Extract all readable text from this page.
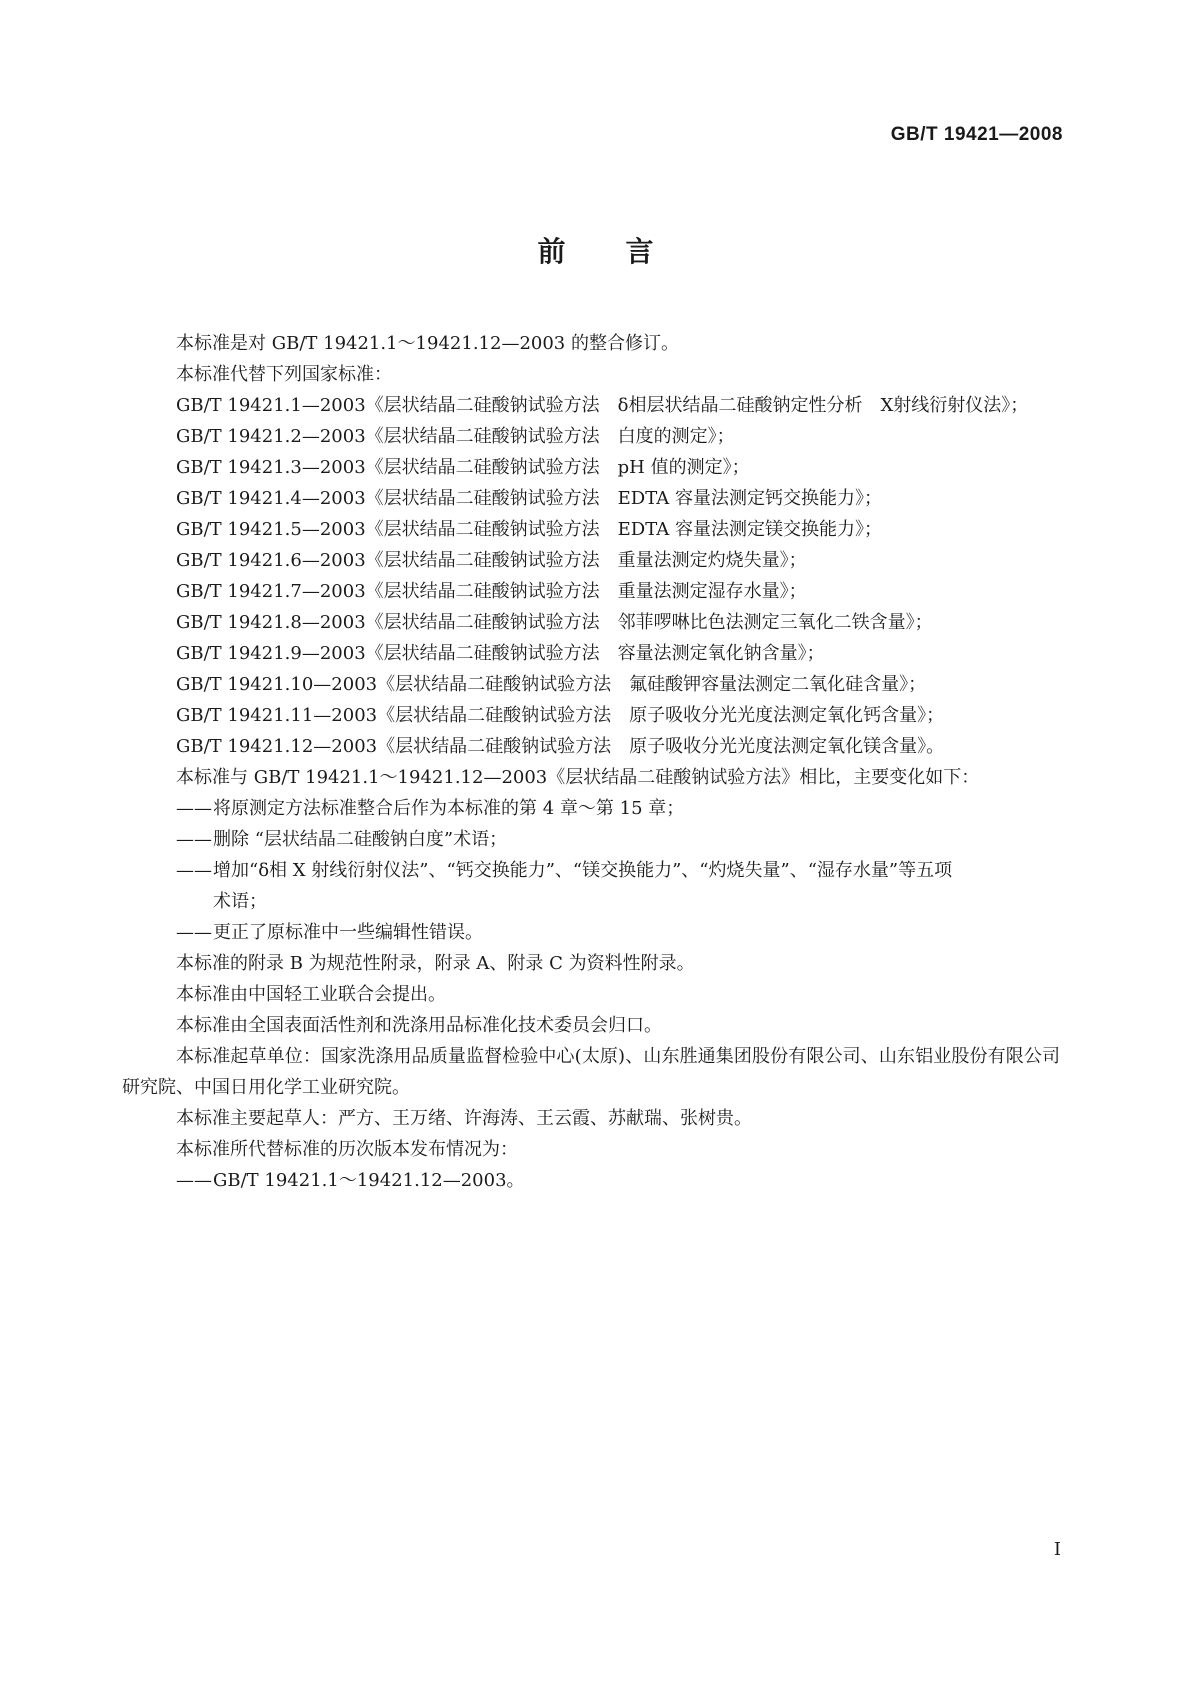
GB/T 19421—2008
前言

本标准是对 GB/T 19421.1～19421.12—2003 的整合修订。

本标准代替下列国家标准：

GB/T 19421.1—2003《层状结晶二硅酸钠试验方法　δ相层状结晶二硅酸钠定性分析　X射线衍射仪法》；

GB/T 19421.2—2003《层状结晶二硅酸钠试验方法　白度的测定》；

GB/T 19421.3—2003《层状结晶二硅酸钠试验方法　pH 值的测定》；

GB/T 19421.4—2003《层状结晶二硅酸钠试验方法　EDTA 容量法测定钙交换能力》；

GB/T 19421.5—2003《层状结晶二硅酸钠试验方法　EDTA 容量法测定镁交换能力》；

GB/T 19421.6—2003《层状结晶二硅酸钠试验方法　重量法测定灼烧失量》；

GB/T 19421.7—2003《层状结晶二硅酸钠试验方法　重量法测定湿存水量》；

GB/T 19421.8—2003《层状结晶二硅酸钠试验方法　邻菲啰啉比色法测定三氧化二铁含量》；

GB/T 19421.9—2003《层状结晶二硅酸钠试验方法　容量法测定氧化钠含量》；

GB/T 19421.10—2003《层状结晶二硅酸钠试验方法　氟硅酸钾容量法测定二氧化硅含量》；

GB/T 19421.11—2003《层状结晶二硅酸钠试验方法　原子吸收分光光度法测定氧化钙含量》；

GB/T 19421.12—2003《层状结晶二硅酸钠试验方法　原子吸收分光光度法测定氧化镁含量》。

本标准与 GB/T 19421.1～19421.12—2003《层状结晶二硅酸钠试验方法》相比，主要变化如下：

——将原测定方法标准整合后作为本标准的第 4 章～第 15 章；
——删除 “层状结晶二硅酸钠白度”术语；
——增加“δ相 X 射线衍射仪法”、“钙交换能力”、“镁交换能力”、“灼烧失量”、“湿存水量”等五项
术语；
——更正了原标准中一些编辑性错误。

本标准的附录 B 为规范性附录，附录 A、附录 C 为资料性附录。

本标准由中国轻工业联合会提出。

本标准由全国表面活性剂和洗涤用品标准化技术委员会归口。

本标准起草单位：国家洗涤用品质量监督检验中心(太原)、山东胜通集团股份有限公司、山东铝业股份有限公司研究院、中国日用化学工业研究院。

本标准主要起草人：严方、王万绪、许海涛、王云霞、苏献瑞、张树贵。

本标准所代替标准的历次版本发布情况为：

——GB/T 19421.1～19421.12—2003。
I
